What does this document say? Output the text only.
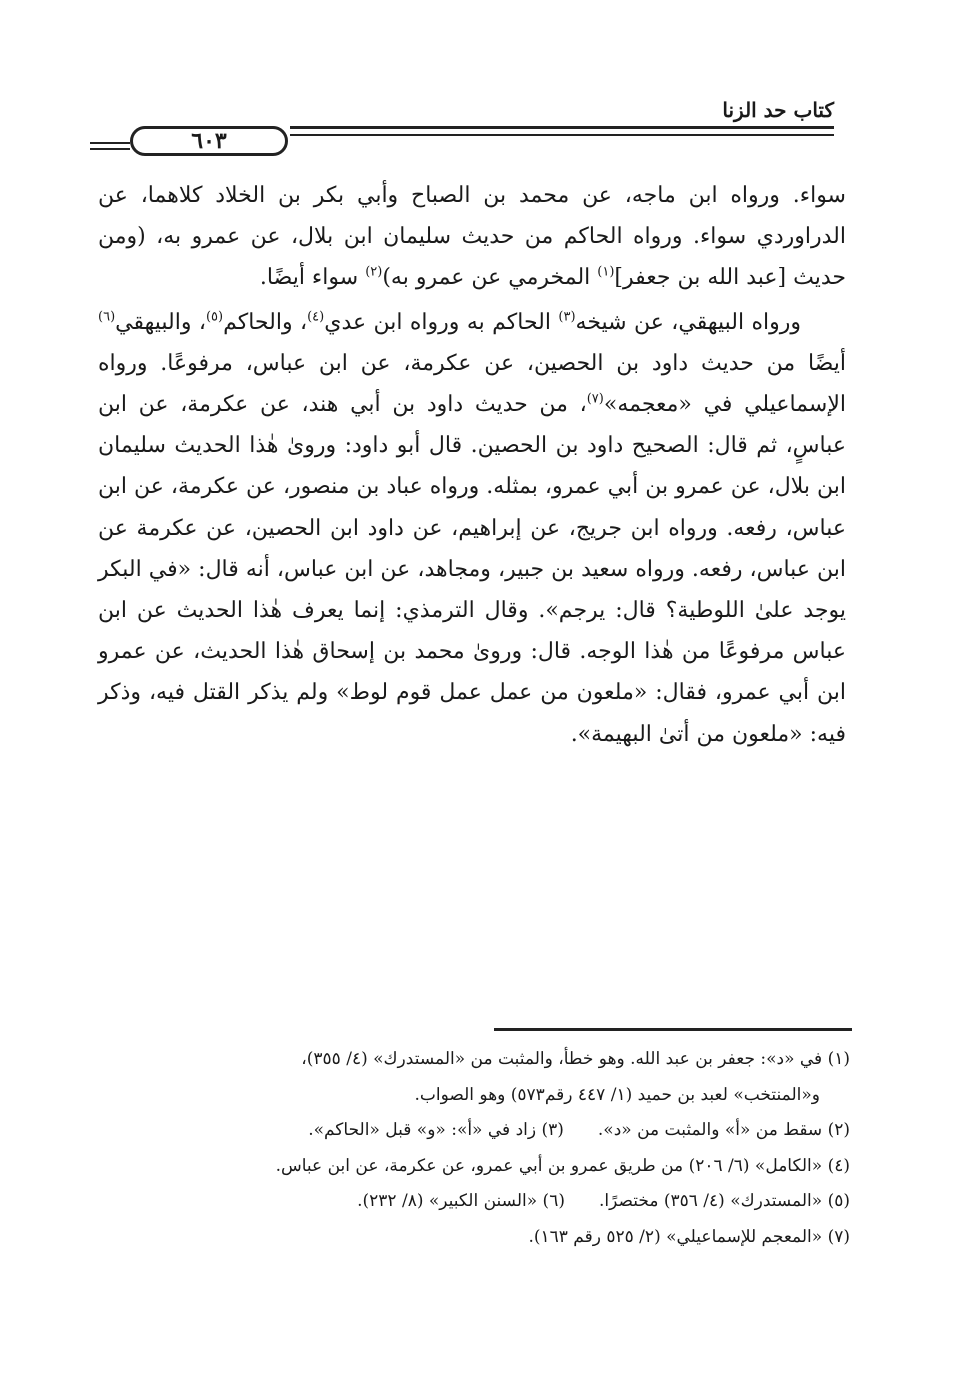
كتاب حد الزنا
٦٠٣

سواء. ورواه ابن ماجه، عن محمد بن الصباح وأبي بكر بن الخلاد كلاهما، عن الدراوردي سواء. ورواه الحاكم من حديث سليمان ابن بلال، عن عمرو به، (ومن حديث [عبد الله بن جعفر]$^{(١)}$ المخرمي عن عمرو به)$^{(٢)}$ سواء أيضًا.

ورواه البيهقي، عن شيخه$^{(٣)}$ الحاكم به ورواه ابن عدي$^{(٤)}$، والحاكم$^{(٥)}$، والبيهقي$^{(٦)}$ أيضًا من حديث داود بن الحصين، عن عكرمة، عن ابن عباس، مرفوعًا. ورواه الإسماعيلي في «معجمه»$^{(٧)}$، من حديث داود بن أبي هند، عن عكرمة، عن ابن عباسٍ، ثم قال: الصحيح داود بن الحصين. قال أبو داود: وروىٰ هٰذا الحديث سليمان ابن بلال، عن عمرو بن أبي عمرو، بمثله. ورواه عباد بن منصور، عن عكرمة، عن ابن عباس، رفعه. ورواه ابن جريج، عن إبراهيم، عن داود ابن الحصين، عن عكرمة عن ابن عباس، رفعه. ورواه سعيد بن جبير، ومجاهد، عن ابن عباس، أنه قال: «في البكر يوجد علىٰ اللوطية؟ قال: يرجم». وقال الترمذي: إنما يعرف هٰذا الحديث عن ابن عباس مرفوعًا من هٰذا الوجه. قال: وروىٰ محمد بن إسحاق هٰذا الحديث، عن عمرو ابن أبي عمرو، فقال: «ملعون من عمل عمل قوم لوط» ولم يذكر القتل فيه، وذكر فيه: «ملعون من أتىٰ البهيمة».

(١) في «د»: جعفر بن عبد الله. وهو خطأ، والمثبت من «المستدرك» (٤/ ٣٥٥)،
و«المنتخب» لعبد بن حميد (١/ ٤٤٧ رقم٥٧٣) وهو الصواب.
(٢) سقط من «أ» والمثبت من «د».(٣) زاد في «أ»: «و» قبل «الحاكم».
(٤) «الكامل» (٦/ ٢٠٦) من طريق عمرو بن أبي عمرو، عن عكرمة، عن ابن عباس.
(٥) «المستدرك» (٤/ ٣٥٦) مختصرًا.(٦) «السنن الكبير» (٨/ ٢٣٢).
(٧) «المعجم للإسماعيلي» (٢/ ٥٢٥ رقم ١٦٣).
